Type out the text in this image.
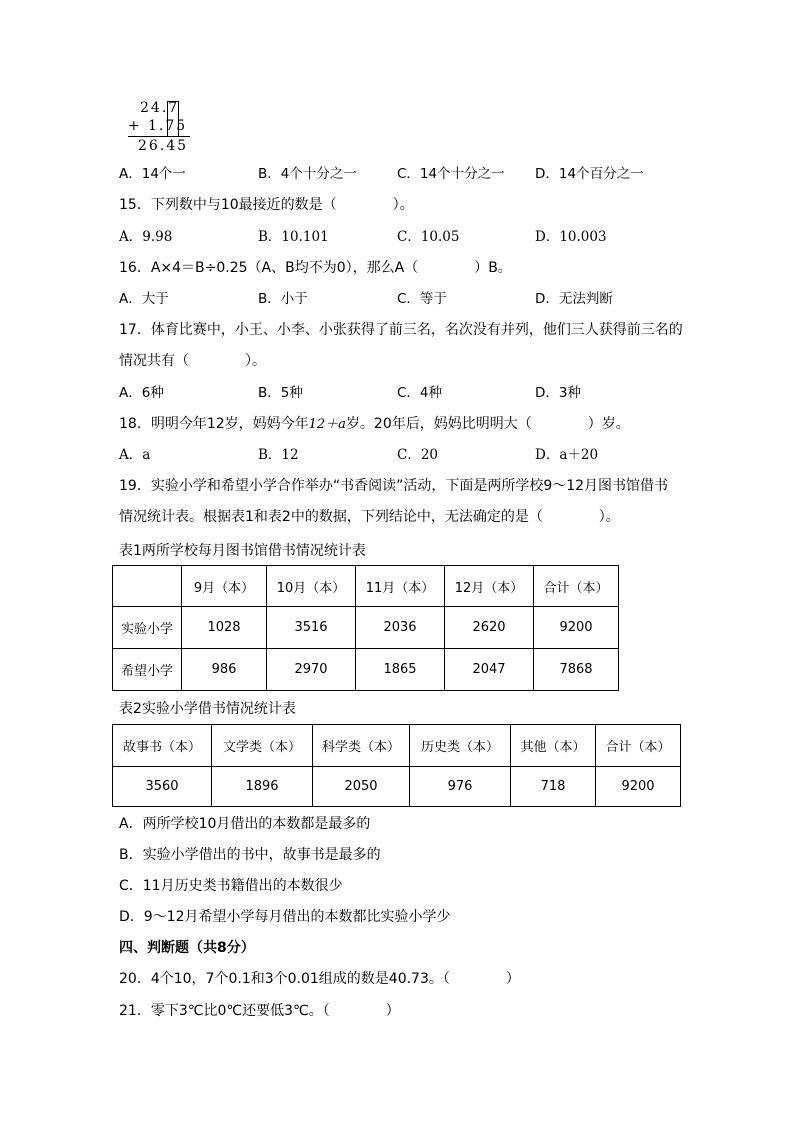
24.7
+ 1.75
26.45
A．14个一	B．4个十分之一	C．14个十分之一 D．14个百分之一
15．下列数中与10最接近的数是（　　　　）。
A．9.98	B．10.101	C．10.05	D．10.003
16．A×4＝B÷0.25（A、B均不为0），那么A（　　　　）B。
A．大于	B．小于	C．等于	D．无法判断
17．体育比赛中，小王、小李、小张获得了前三名，名次没有并列，他们三人获得前三名的
情况共有（　　　　）。
A．6种	B．5种	C．4种	D．3种
18．明明今年12岁，妈妈今年12＋a岁。20年后，妈妈比明明大（　　　　）岁。
A．a	B．12	C．20	D．a＋20
19．实验小学和希望小学合作举办“书香阅读”活动，下面是两所学校9～12月图书馆借书
情况统计表。根据表1和表2中的数据，下列结论中，无法确定的是（　　　　）。
表1两所学校每月图书馆借书情况统计表
	9月（本）	10月（本）	11月（本）	12月（本）	合计（本）
实验小学	1028	3516	2036	2620	9200
希望小学	986	2970	1865	2047	7868
表2实验小学借书情况统计表
故事书（本）	文学类（本）	科学类（本）	历史类（本）	其他（本）	合计（本）
3560	1896	2050	976	718	9200
A．两所学校10月借出的本数都是最多的
B．实验小学借出的书中，故事书是最多的
C．11月历史类书籍借出的本数很少
D．9～12月希望小学每月借出的本数都比实验小学少
四、判断题（共8分）
20．4个10，7个0.1和3个0.01组成的数是40.73。（　　　　）
21．零下3℃比0℃还要低3℃。（　　　　）
